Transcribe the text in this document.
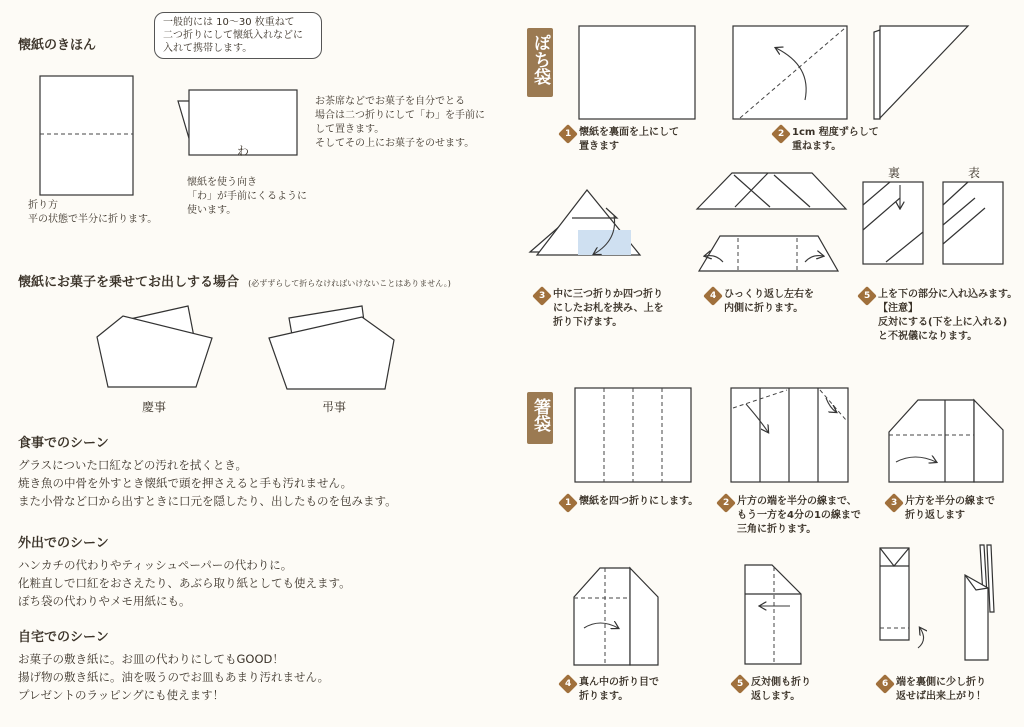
懐紙のきほん
一般的には 10〜30 枚重ねて
二つ折りにして懐紙入れなどに
入れて携帯します。
わ
折り方
平の状態で半分に折ります。
懐紙を使う向き
「わ」が手前にくるように
使います。
お茶席などでお菓子を自分でとる
場合は二つ折りにして「わ」を手前に
して置きます。
そしてその上にお菓子をのせます。
懐紙にお菓子を乗せてお出しする場合 (必ずずらして折らなければいけないことはありません。)
慶事	弔事
食事でのシーン
グラスについた口紅などの汚れを拭くとき。
焼き魚の中骨を外すとき懐紙で頭を押さえると手も汚れません。
また小骨など口から出すときに口元を隠したり、出したものを包みます。
外出でのシーン
ハンカチの代わりやティッシュペーパーの代わりに。
化粧直しで口紅をおさえたり、あぶら取り紙としても使えます。
ぽち袋の代わりやメモ用紙にも。
自宅でのシーン
お菓子の敷き紙に。お皿の代わりにしてもGOOD！
揚げ物の敷き紙に。油を吸うのでお皿もあまり汚れません。
プレゼントのラッピングにも使えます！
ぽち袋
箸袋
裏	表
1 懐紙を裏面を上にして
置きます
2 1cm 程度ずらして
重ねます。
3 中に三つ折りか四つ折り
にしたお札を挟み、上を
折り下げます。
4 ひっくり返し左右を
内側に折ります。
5 上を下の部分に入れ込みます。
【注意】
反対にする(下を上に入れる)
と不祝儀になります。
1 懐紙を四つ折りにします。	2 片方の端を半分の線まで、
もう一方を4分の1の線まで
三角に折ります。
3 片方を半分の線まで
折り返します
4 真ん中の折り目で
折ります。
5 反対側も折り
返します。
6 端を裏側に少し折り
返せば出来上がり！
